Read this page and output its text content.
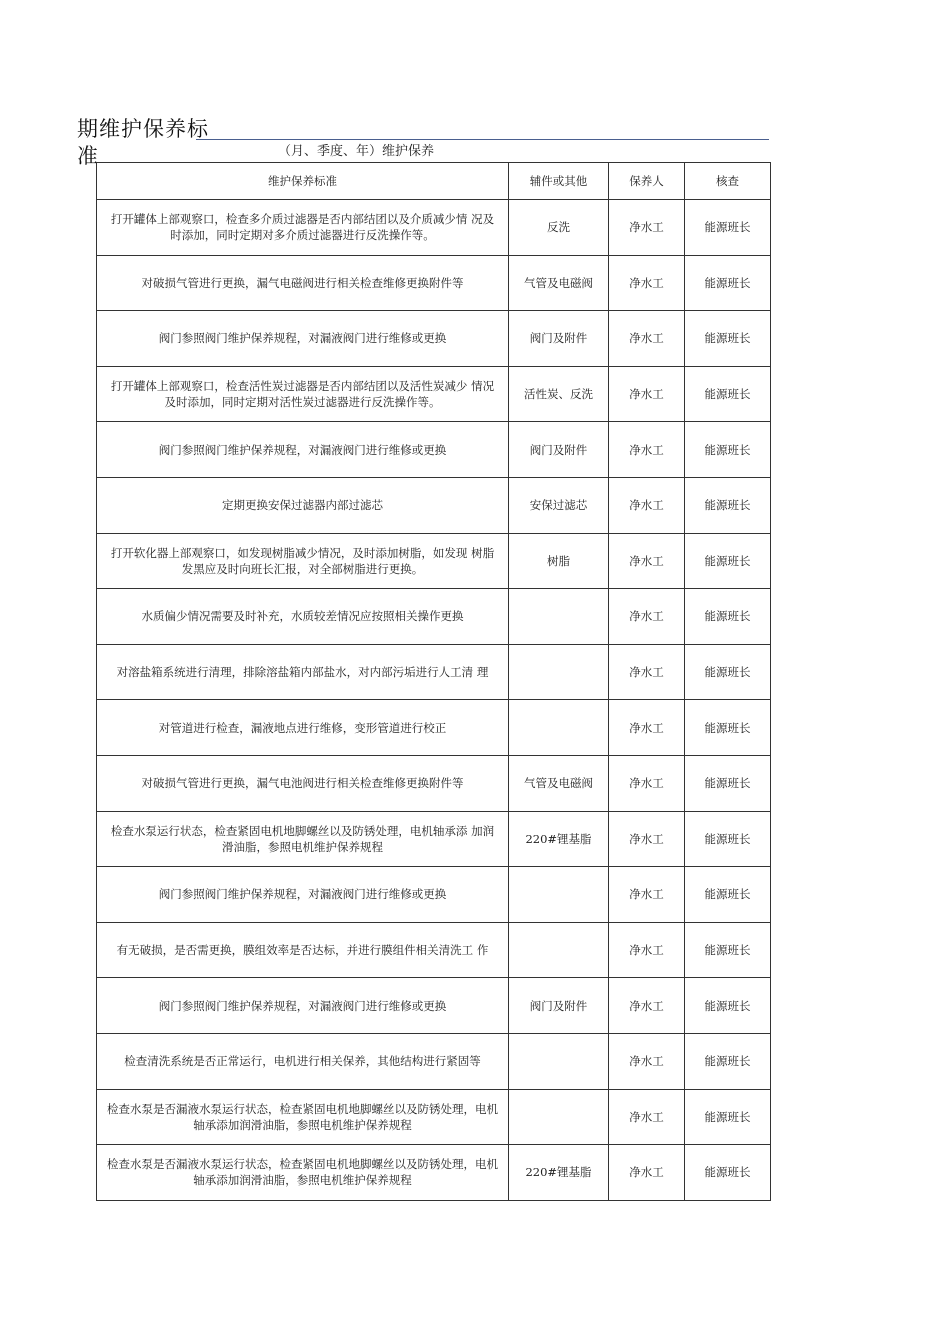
期维护保养标准	（月、季度、年）维护保养
维护保养标准	辅件或其他	保养人	核查
打开罐体上部观察口，检查多介质过滤器是否内部结团以及介质减少情 况及时添加，同时定期对多介质过滤器进行反洗操作等。	反洗	净水工	能源班长
对破损气管进行更换，漏气电磁阀进行相关检查维修更换附件等	气管及电磁阀	净水工	能源班长
阀门参照阀门维护保养规程，对漏液阀门进行维修或更换	阀门及附件	净水工	能源班长
打开罐体上部观察口，检查活性炭过滤器是否内部结团以及活性炭减少 情况及时添加，同时定期对活性炭过滤器进行反洗操作等。	活性炭、反洗	净水工	能源班长
阀门参照阀门维护保养规程，对漏液阀门进行维修或更换	阀门及附件	净水工	能源班长
定期更换安保过滤器内部过滤芯	安保过滤芯	净水工	能源班长
打开软化器上部观察口，如发现树脂减少情况，及时添加树脂，如发现 树脂发黑应及时向班长汇报，对全部树脂进行更换。	树脂	净水工	能源班长
水质偏少情况需要及时补充，水质较差情况应按照相关操作更换		净水工	能源班长
对溶盐箱系统进行清理，排除溶盐箱内部盐水，对内部污垢进行人工清 理		净水工	能源班长
对管道进行检查，漏液地点进行维修，变形管道进行校正		净水工	能源班长
对破损气管进行更换，漏气电池阀进行相关检查维修更换附件等	气管及电磁阀	净水工	能源班长
检查水泵运行状态，检查紧固电机地脚螺丝以及防锈处理，电机轴承添 加润滑油脂，参照电机维护保养规程	220#锂基脂	净水工	能源班长
阀门参照阀门维护保养规程，对漏液阀门进行维修或更换		净水工	能源班长
有无破损，是否需更换，膜组效率是否达标，并进行膜组件相关清洗工 作		净水工	能源班长
阀门参照阀门维护保养规程，对漏液阀门进行维修或更换	阀门及附件	净水工	能源班长
检查清洗系统是否正常运行，电机进行相关保养，其他结构进行紧固等		净水工	能源班长
检查水泵是否漏液水泵运行状态，检查紧固电机地脚螺丝以及防锈处理，电机轴承添加润滑油脂，参照电机维护保养规程		净水工	能源班长
检查水泵是否漏液水泵运行状态，检查紧固电机地脚螺丝以及防锈处理，电机轴承添加润滑油脂，参照电机维护保养规程	220#锂基脂	净水工	能源班长
